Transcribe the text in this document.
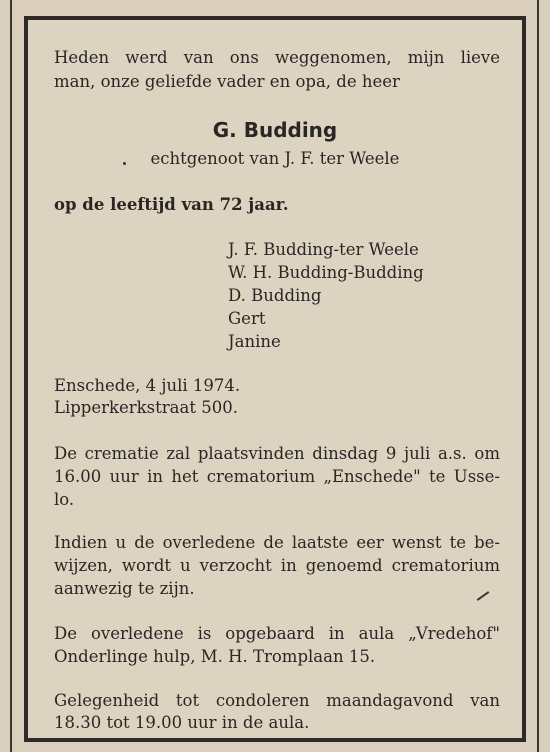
Heden werd van ons weggenomen, mijn lieve
man, onze geliefde vader en opa, de heer
G. Budding
echtgenoot van J. F. ter Weele
op de leeftijd van 72 jaar.
J. F. Budding-ter Weele
W. H. Budding-Budding
D. Budding
Gert
Janine
Enschede, 4 juli 1974.
Lipperkerkstraat 500.
De crematie zal plaatsvinden dinsdag 9 juli a.s. om
16.00 uur in het crematorium „Enschede" te Usse-
lo.
Indien u de overledene de laatste eer wenst te be-
wijzen, wordt u verzocht in genoemd crematorium
aanwezig te zijn.
De overledene is opgebaard in aula „Vredehof"
Onderlinge hulp, M. H. Tromplaan 15.
Gelegenheid tot condoleren maandagavond van
18.30 tot 19.00 uur in de aula.
